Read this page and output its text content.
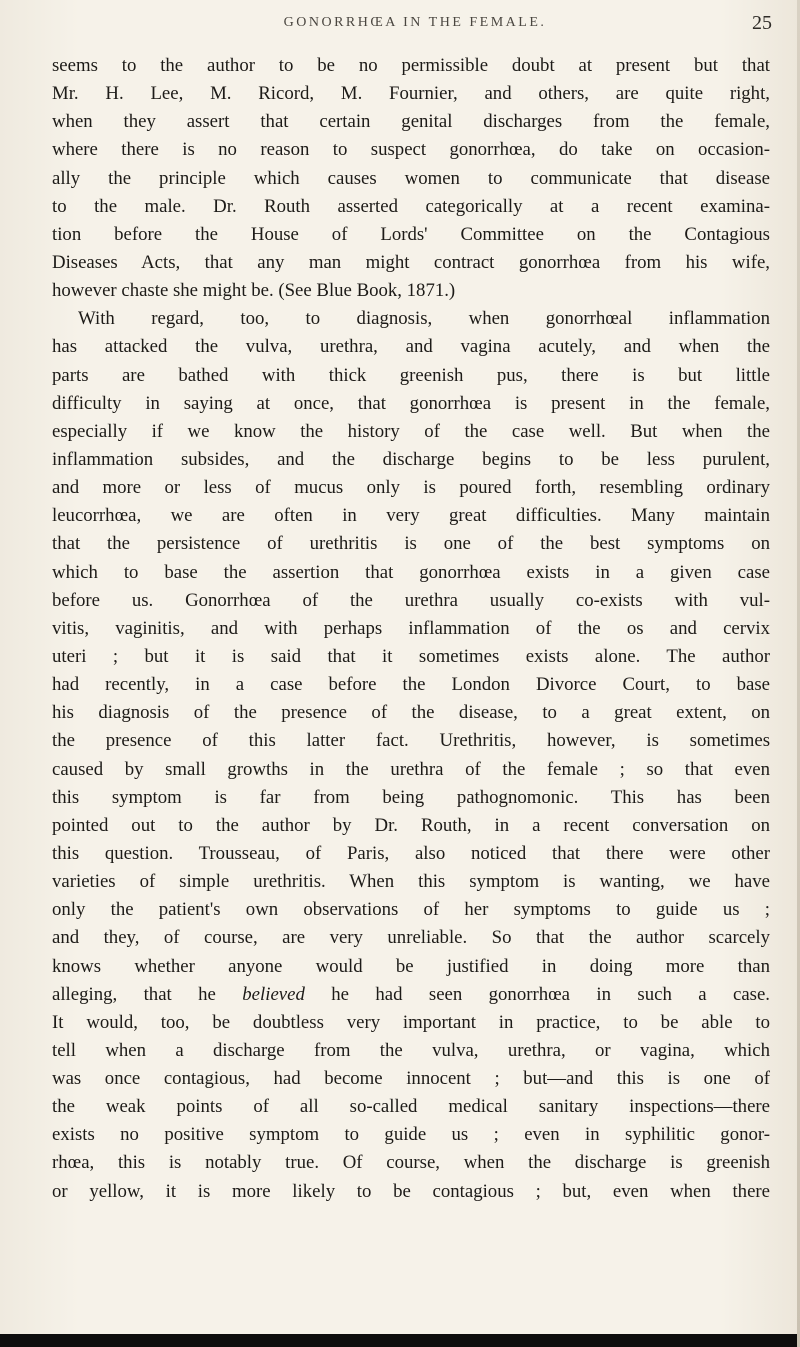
GONORRHŒA IN THE FEMALE.	25
seems to the author to be no permissible doubt at present but that
Mr. H. Lee, M. Ricord, M. Fournier, and others, are quite right,
when they assert that certain genital discharges from the female,
where there is no reason to suspect gonorrhœa, do take on occasion-
ally the principle which causes women to communicate that disease
to the male. Dr. Routh asserted categorically at a recent examina-
tion before the House of Lords' Committee on the Contagious
Diseases Acts, that any man might contract gonorrhœa from his wife,
however chaste she might be. (See Blue Book, 1871.)
With regard, too, to diagnosis, when gonorrhœal inflammation
has attacked the vulva, urethra, and vagina acutely, and when the
parts are bathed with thick greenish pus, there is but little
difficulty in saying at once, that gonorrhœa is present in the female,
especially if we know the history of the case well. But when the
inflammation subsides, and the discharge begins to be less purulent,
and more or less of mucus only is poured forth, resembling ordinary
leucorrhœa, we are often in very great difficulties. Many maintain
that the persistence of urethritis is one of the best symptoms on
which to base the assertion that gonorrhœa exists in a given case
before us. Gonorrhœa of the urethra usually co-exists with vul-
vitis, vaginitis, and with perhaps inflammation of the os and cervix
uteri ; but it is said that it sometimes exists alone. The author
had recently, in a case before the London Divorce Court, to base
his diagnosis of the presence of the disease, to a great extent, on
the presence of this latter fact. Urethritis, however, is sometimes
caused by small growths in the urethra of the female ; so that even
this symptom is far from being pathognomonic. This has been
pointed out to the author by Dr. Routh, in a recent conversation on
this question. Trousseau, of Paris, also noticed that there were other
varieties of simple urethritis. When this symptom is wanting, we have
only the patient's own observations of her symptoms to guide us ;
and they, of course, are very unreliable. So that the author scarcely
knows whether anyone would be justified in doing more than
alleging, that he believed he had seen gonorrhœa in such a case.
It would, too, be doubtless very important in practice, to be able to
tell when a discharge from the vulva, urethra, or vagina, which
was once contagious, had become innocent ; but—and this is one of
the weak points of all so-called medical sanitary inspections—there
exists no positive symptom to guide us ; even in syphilitic gonor-
rhœa, this is notably true. Of course, when the discharge is greenish
or yellow, it is more likely to be contagious ; but, even when there
